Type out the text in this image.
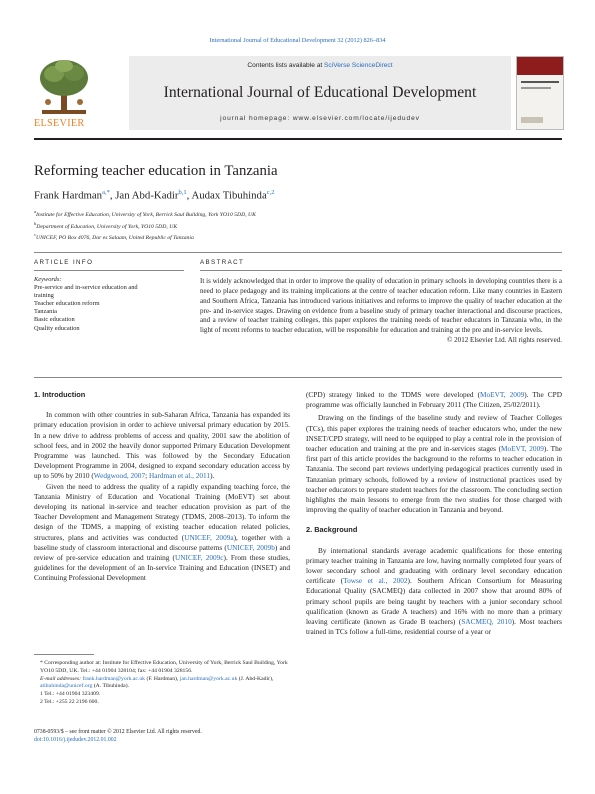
International Journal of Educational Development 32 (2012) 826–834
ELSEVIER
Contents lists available at SciVerse ScienceDirect
International Journal of Educational Development
journal homepage: www.elsevier.com/locate/ijedudev
Reforming teacher education in Tanzania
Frank Hardman$^{a,*}$, Jan Abd-Kadir$^{b,1}$, Audax Tibuhinda$^{c,2}$
$^a$Institute for Effective Education, University of York, Berrick Saul Building, York YO10 5DD, UK
$^b$Department of Education, University of York, YO10 5DD, UK
$^c$UNICEF, PO Box 4076, Dar es Salaam, United Republic of Tanzania
ARTICLE INFO	ABSTRACT
Keywords:
Pre-service and in-service education and
training
Teacher education reform
Tanzania
Basic education
Quality education
It is widely acknowledged that in order to improve the quality of education in primary schools in developing countries there is a need to place pedagogy and its training implications at the centre of teacher education reform. Like many countries in Eastern and Southern Africa, Tanzania has introduced various initiatives and reforms to improve the quality of teacher education at the pre- and in-service stages. Drawing on evidence from a baseline study of primary teacher interactional and discourse practices, and a review of teacher training colleges, this paper explores the training needs of teacher educators in Tanzania who, in the light of recent reforms to teacher education, will be responsible for education and training at the pre and in-service levels.
© 2012 Elsevier Ltd. All rights reserved.
1. Introduction

In common with other countries in sub-Saharan Africa, Tanzania has expanded its primary education provision in order to achieve universal primary education by 2015. In a new drive to address problems of access and quality, 2001 saw the abolition of school fees, and in 2002 the heavily donor supported Primary Education Development Programme was launched. This was followed by the Secondary Education Development Programme in 2004, designed to expand secondary education access by up to 50% by 2010 (Wedgwood, 2007; Hardman et al., 2011).

Given the need to address the quality of a rapidly expanding teaching force, the Tanzania Ministry of Education and Vocational Training (MoEVT) set about developing its national in-service and teacher education provision as part of the Teacher Development and Management Strategy (TDMS, 2008–2013). To inform the design of the TDMS, a mapping of existing teacher education related policies, structures, plans and activities was conducted (UNICEF, 2009a), together with a baseline study of classroom interactional and discourse patterns (UNICEF, 2009b) and review of pre-service education and training (UNICEF, 2009c). From these studies, guidelines for the development of an In-service Training and Education (INSET) and Continuing Professional Development

(CPD) strategy linked to the TDMS were developed (MoEVT, 2009). The CPD programme was officially launched in February 2011 (The Citizen, 25/02/2011).

Drawing on the findings of the baseline study and review of Teacher Colleges (TCs), this paper explores the training needs of teacher educators who, under the new INSET/CPD strategy, will need to be equipped to play a central role in the provision of teacher education and training at the pre and in-services stages (MoEVT, 2009). The first part of this article provides the background to the reforms to teacher education in Tanzania. The second part reviews underlying pedagogical practices currently used in Tanzanian primary schools, followed by a review of instructional practices used by teacher educators to prepare student teachers for the classroom. The concluding section highlights the main lessons to emerge from the two studies for those charged with improving the quality of teacher education in Tanzania and beyond.

2. Background

By international standards average academic qualifications for those entering primary teacher training in Tanzania are low, having normally completed four years of lower secondary school and graduating with ordinary level secondary education certificate (Towse et al., 2002). Southern African Consortium for Measuring Educational Quality (SACMEQ) data collected in 2007 show that around 80% of primary school pupils are being taught by teachers with a junior secondary school qualification (known as Grade A teachers) and 16% with no more than a primary leaving certificate (known as Grade B teachers) (SACMEQ, 2010). Most teachers trained in TCs follow a full-time, residential course of a year or

* Corresponding author at: Institute for Effective Education, University of York, Berrick Saul Building, York YO10 5DD, UK. Tel.: +44 01904 328104; fax: +44 01904 328156.
E-mail addresses: frank.hardman@york.ac.uk (F. Hardman), jan.hardman@york.ac.uk (J. Abd-Kadir), atibuhinda@unicef.org (A. Tibuhinda).
1 Tel.: +44 01904 323409.
2 Tel.: +255 22 2196 600.
0738-0593/$ – see front matter © 2012 Elsevier Ltd. All rights reserved.
doi:10.1016/j.ijedudev.2012.01.002
